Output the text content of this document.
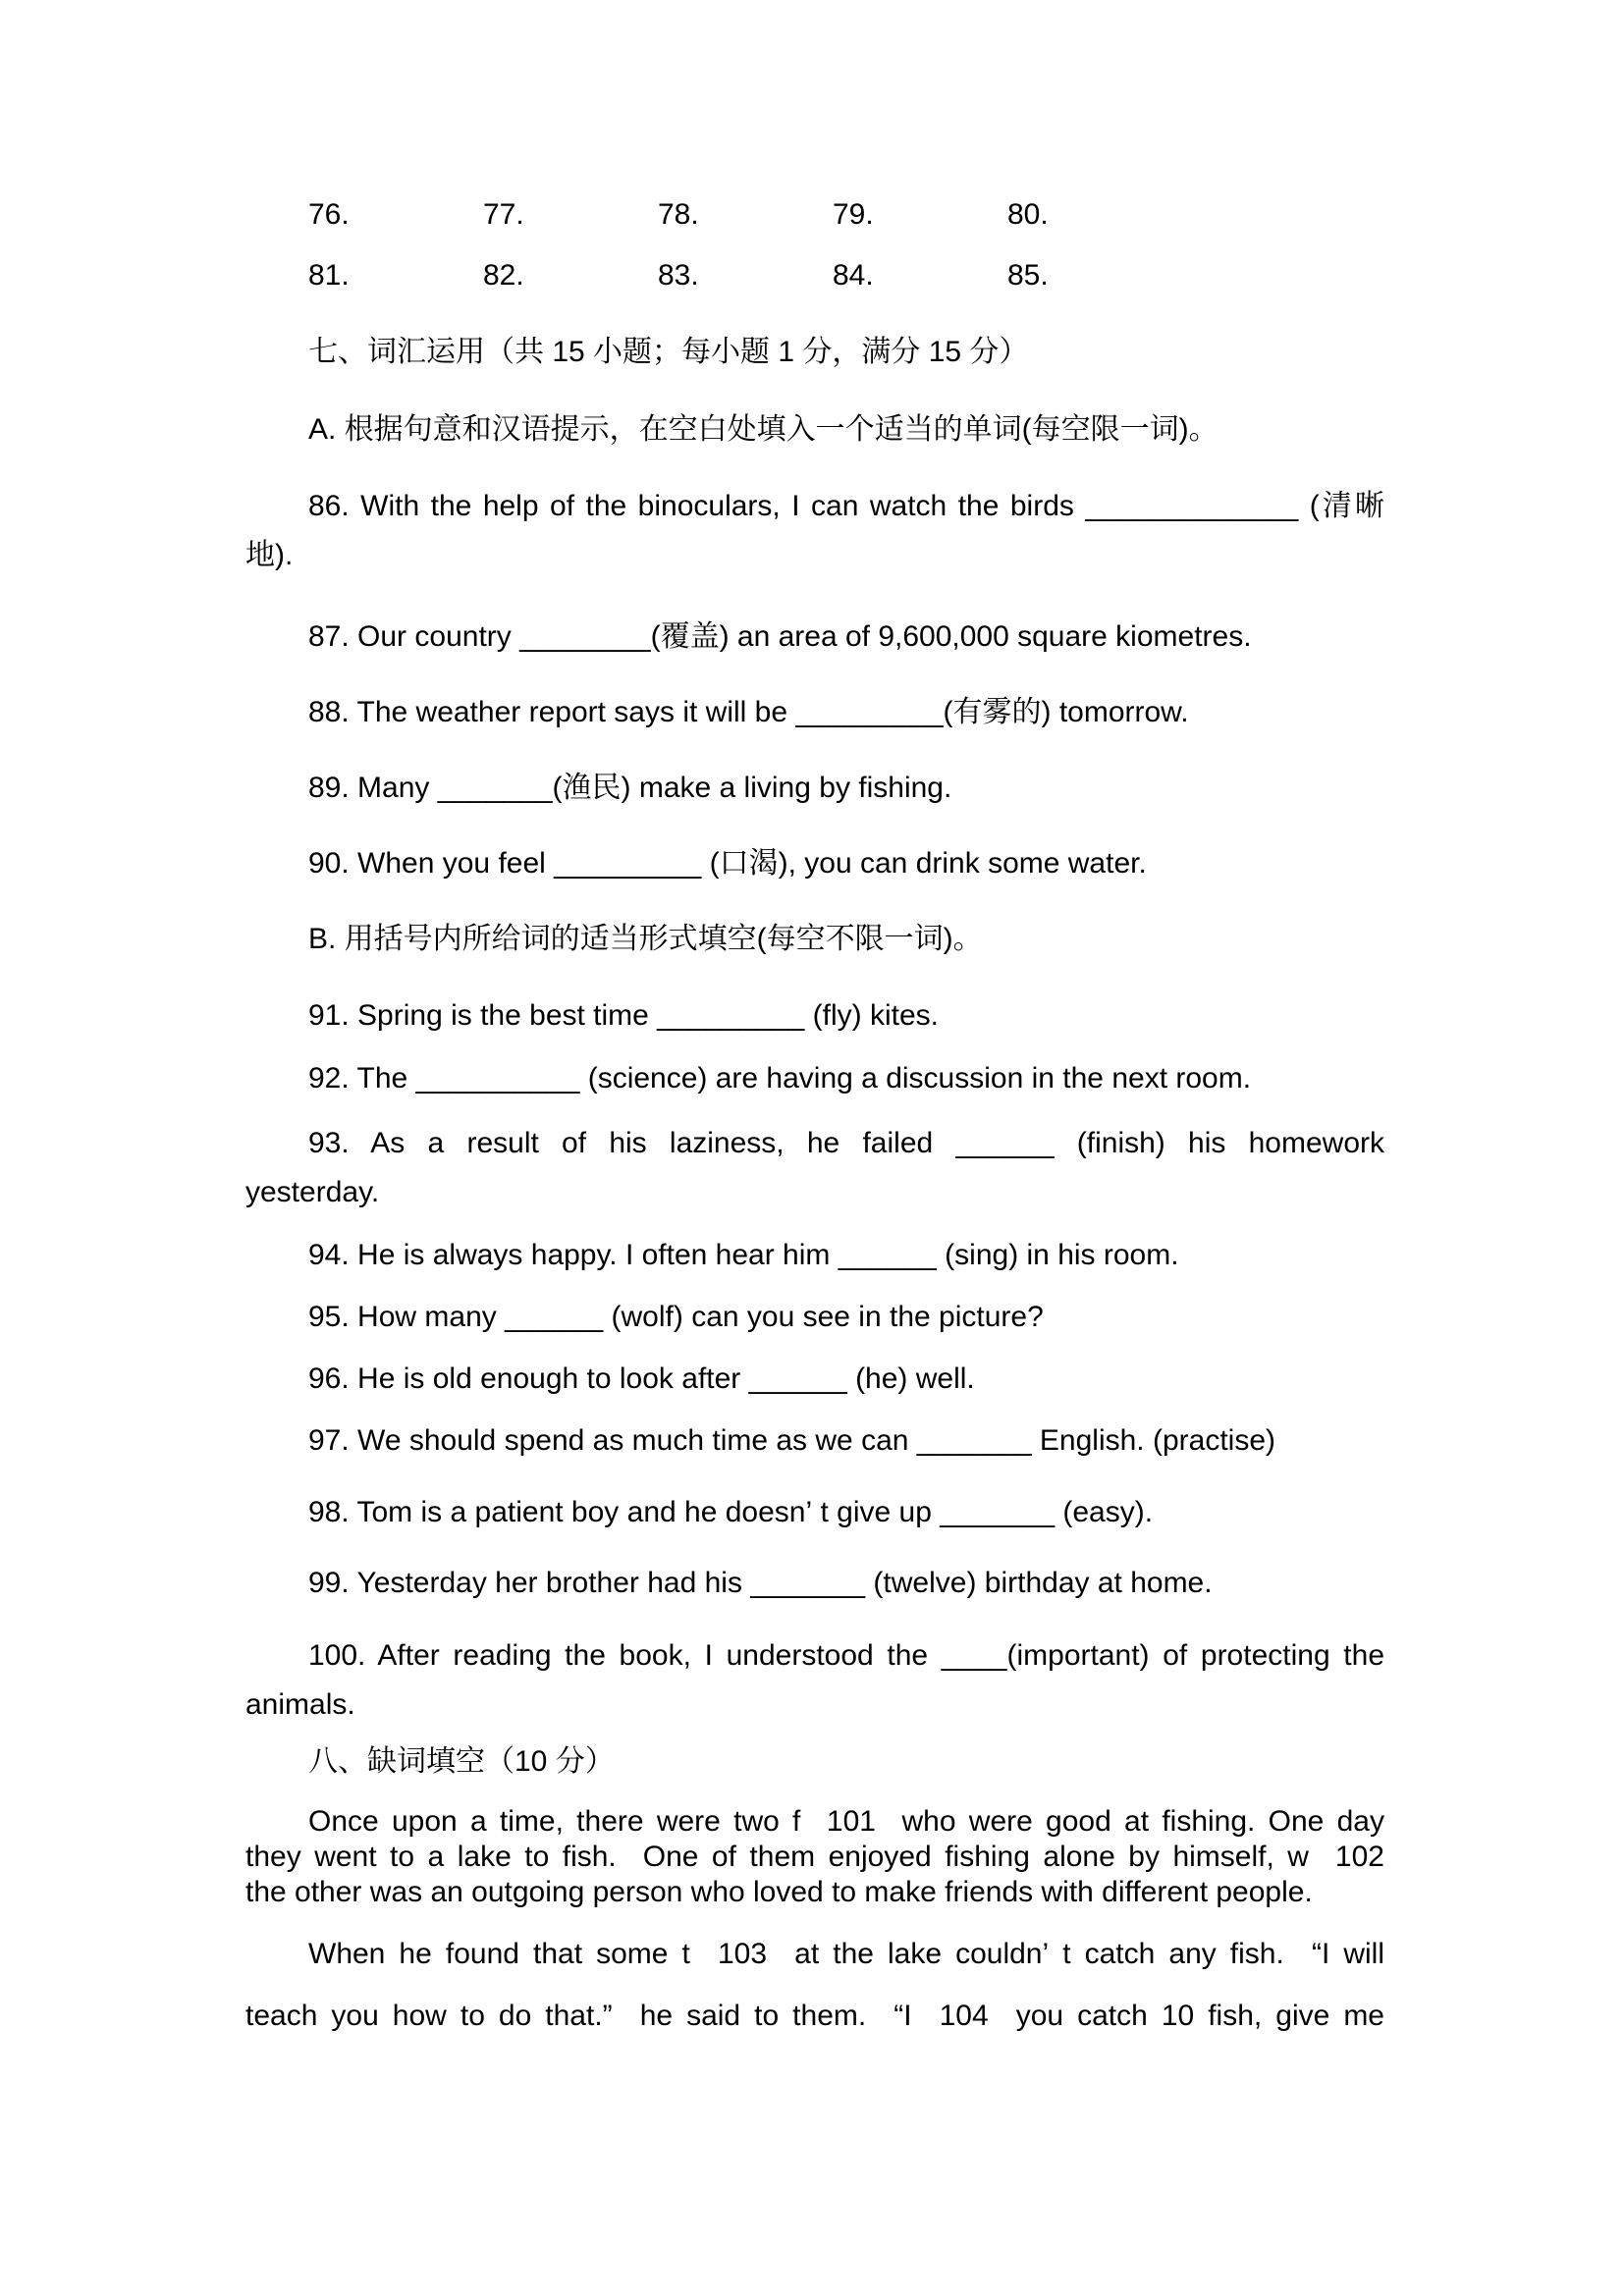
76.	77.	78.	79.	80.
81.	82.	83.	84.	85.
七、词汇运用（共 15 小题；每小题 1 分，满分 15 分）
A. 根据句意和汉语提示，在空白处填入一个适当的单词(每空限一词)。
86. With the help of the binoculars, I can watch the birds _____________ (清晰
地).
87. Our country ________(覆盖) an area of 9,600,000 square kiometres.
88. The weather report says it will be _________(有雾的) tomorrow.
89. Many _______(渔民) make a living by fishing.
90. When you feel _________ (口渴), you can drink some water.
B. 用括号内所给词的适当形式填空(每空不限一词)。
91. Spring is the best time _________ (fly) kites.
92. The __________ (science) are having a discussion in the next room.
93. As a result of his laziness, he failed ______ (finish) his homework
yesterday.
94. He is always happy. I often hear him ______ (sing) in his room.
95. How many ______ (wolf) can you see in the picture?
96. He is old enough to look after ______ (he) well.
97. We should spend as much time as we can _______ English. (practise)
98. Tom is a patient boy and he doesn’ t give up _______ (easy).
99. Yesterday her brother had his _______ (twelve) birthday at home.
100. After reading the book, I understood the ____(important) of protecting the
animals.
八、缺词填空（10 分）
Once upon a time, there were two f  101  who were good at fishing. One day
they went to a lake to fish.  One of them enjoyed fishing alone by himself, w  102
the other was an outgoing person who loved to make friends with different people.
When he found that some t  103  at the lake couldn’ t catch any fish.  “I will
teach you how to do that.”  he said to them.  “I  104  you catch 10 fish, give me
